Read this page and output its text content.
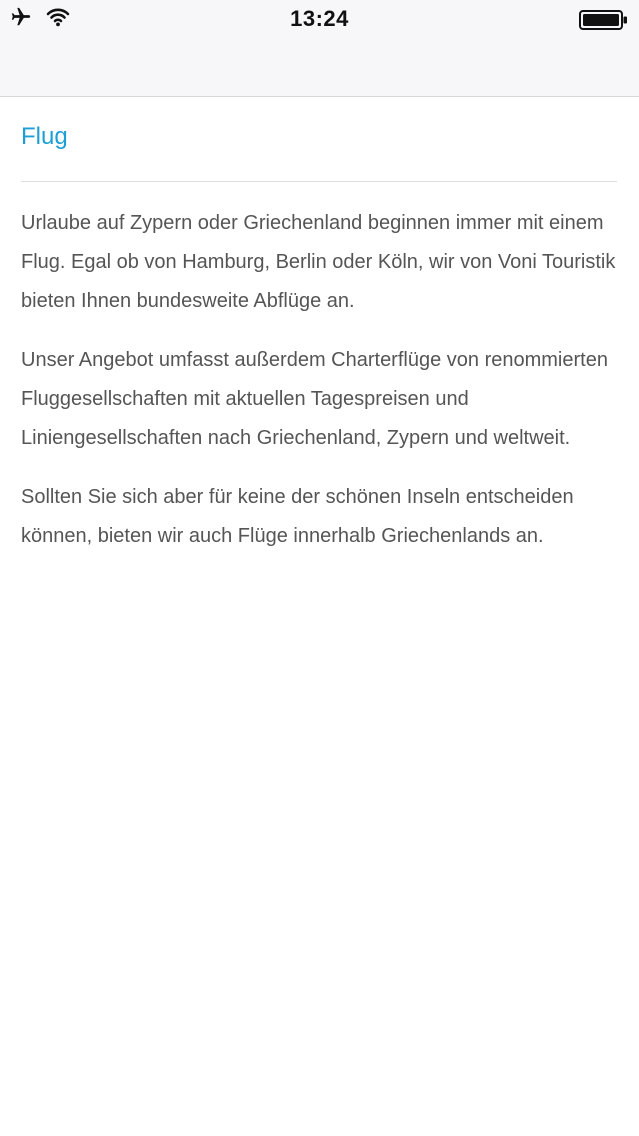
13:24
Flug

Urlaube auf Zypern oder Griechenland beginnen immer mit einem Flug. Egal ob von Hamburg, Berlin oder Köln, wir von Voni Touristik bieten Ihnen bundesweite Abflüge an.

Unser Angebot umfasst außerdem Charterflüge von renommierten Fluggesellschaften mit aktuellen Tagespreisen und Liniengesellschaften nach Griechenland, Zypern und weltweit.

Sollten Sie sich aber für keine der schönen Inseln entscheiden können, bieten wir auch Flüge innerhalb Griechenlands an.
